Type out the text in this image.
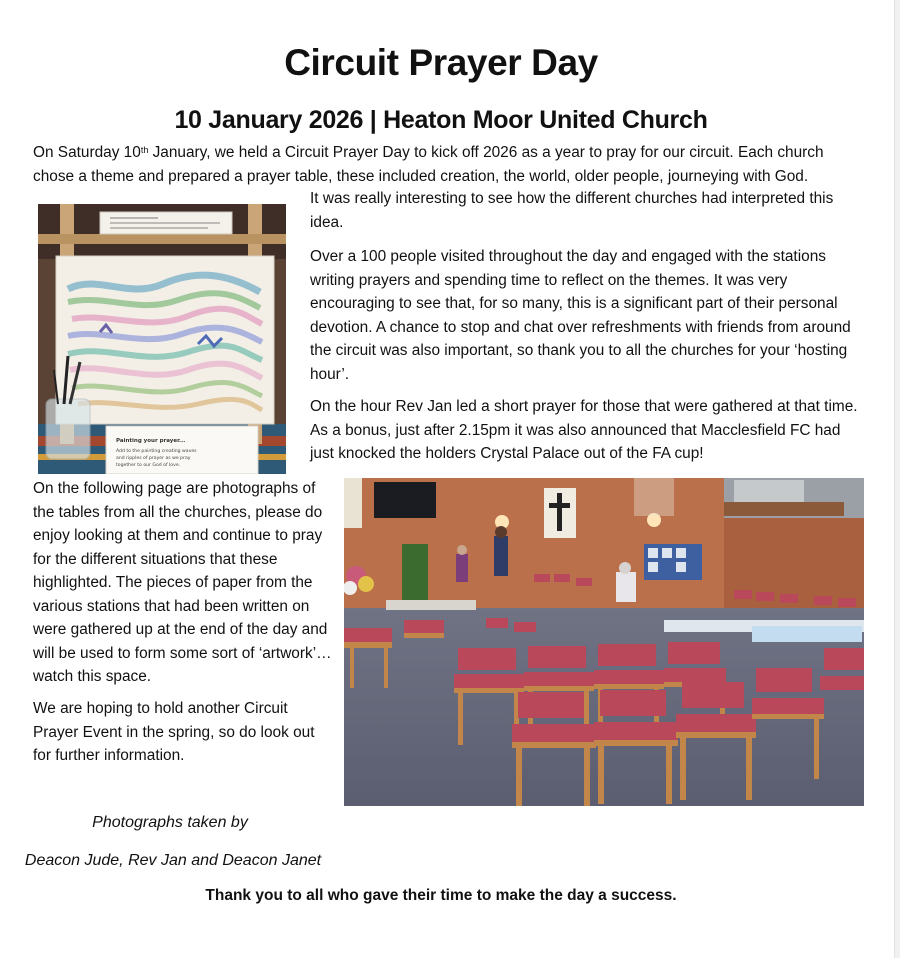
Circuit Prayer Day
10 January 2026 | Heaton Moor United Church

On Saturday 10th January, we held a Circuit Prayer Day to kick off 2026 as a year to pray for our circuit. Each church chose a theme and prepared a prayer table, these included creation, the world, older people, journeying with God.

It was really interesting to see how the different churches had interpreted this idea.

Over a 100 people visited throughout the day and engaged with the stations writing prayers and spending time to reflect on the themes. It was very encouraging to see that, for so many, this is a significant part of their personal devotion. A chance to stop and chat over refreshments with friends from around the circuit was also important, so thank you to all the churches for your ‘hosting hour’.

On the hour Rev Jan led a short prayer for those that were gathered at that time. As a bonus, just after 2.15pm it was also announced that Macclesfield FC had just knocked the holders Crystal Palace out of the FA cup!

On the following page are photographs of the tables from all the churches, please do enjoy looking at them and continue to pray for the different situations that these highlighted. The pieces of paper from the various stations that had been written on were gathered up at the end of the day and will be used to form some sort of ‘artwork’… watch this space.

We are hoping to hold another Circuit Prayer Event in the spring, so do look out for further information.

Painting your prayer...
Add to the painting creating waves
and ripples of prayer as we pray
together to our God of love.

Photographs taken by

Deacon Jude, Rev Jan and Deacon Janet

Thank you to all who gave their time to make the day a success.
